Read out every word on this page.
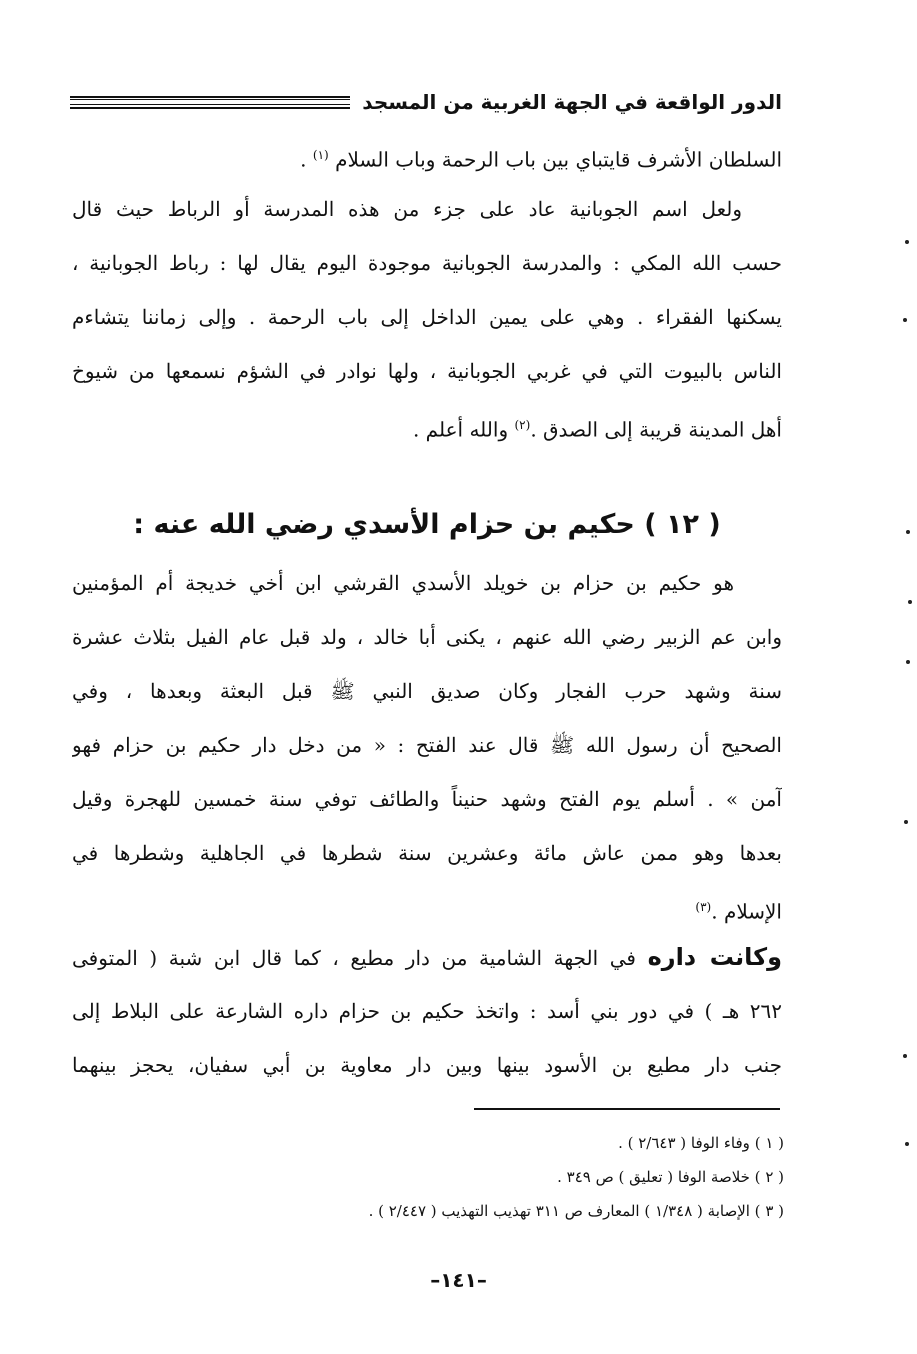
الدور الواقعة في الجهة الغربية من المسجد
السلطان الأشرف قايتباي بين باب الرحمة وباب السلام $^{(١)}$ .
ولعل اسم الجوبانية عاد على جزء من هذه المدرسة أو الرباط حيث قال
حسب الله المكي : والمدرسة الجوبانية موجودة اليوم يقال لها : رباط الجوبانية ،
يسكنها الفقراء . وهي على يمين الداخل إلى باب الرحمة . وإلى زماننا يتشاءم
الناس بالبيوت التي في غربي الجوبانية ، ولها نوادر في الشؤم نسمعها من شيوخ
أهل المدينة قريبة إلى الصدق .$^{(٢)}$ والله أعلم .
( ١٢ ) حكيم بن حزام الأسدي رضي الله عنه :
هو حكيم بن حزام بن خويلد الأسدي القرشي ابن أخي خديجة أم المؤمنين
وابن عم الزبير رضي الله عنهم ، يكنى أبا خالد ، ولد قبل عام الفيل بثلاث عشرة
سنة وشهد حرب الفجار وكان صديق النبي ﷺ قبل البعثة وبعدها ، وفي
الصحيح أن رسول الله ﷺ قال عند الفتح : « من دخل دار حكيم بن حزام فهو
آمن » . أسلم يوم الفتح وشهد حنيناً والطائف توفي سنة خمسين للهجرة وقيل
بعدها وهو ممن عاش مائة وعشرين سنة شطرها في الجاهلية وشطرها في
الإسلام .$^{(٣)}$
وكانت داره في الجهة الشامية من دار مطيع ، كما قال ابن شبة ( المتوفى
٢٦٢ هـ ) في دور بني أسد : واتخذ حكيم بن حزام داره الشارعة على البلاط إلى
جنب دار مطيع بن الأسود بينها وبين دار معاوية بن أبي سفيان، يحجز بينهما
( ١ ) وفاء الوفا ( ٢/٦٤٣ ) .
( ٢ ) خلاصة الوفا ( تعليق ) ص ٣٤٩ .
( ٣ ) الإصابة ( ١/٣٤٨ ) المعارف ص ٣١١ تهذيب التهذيب ( ٢/٤٤٧ ) .
–١٤١–
